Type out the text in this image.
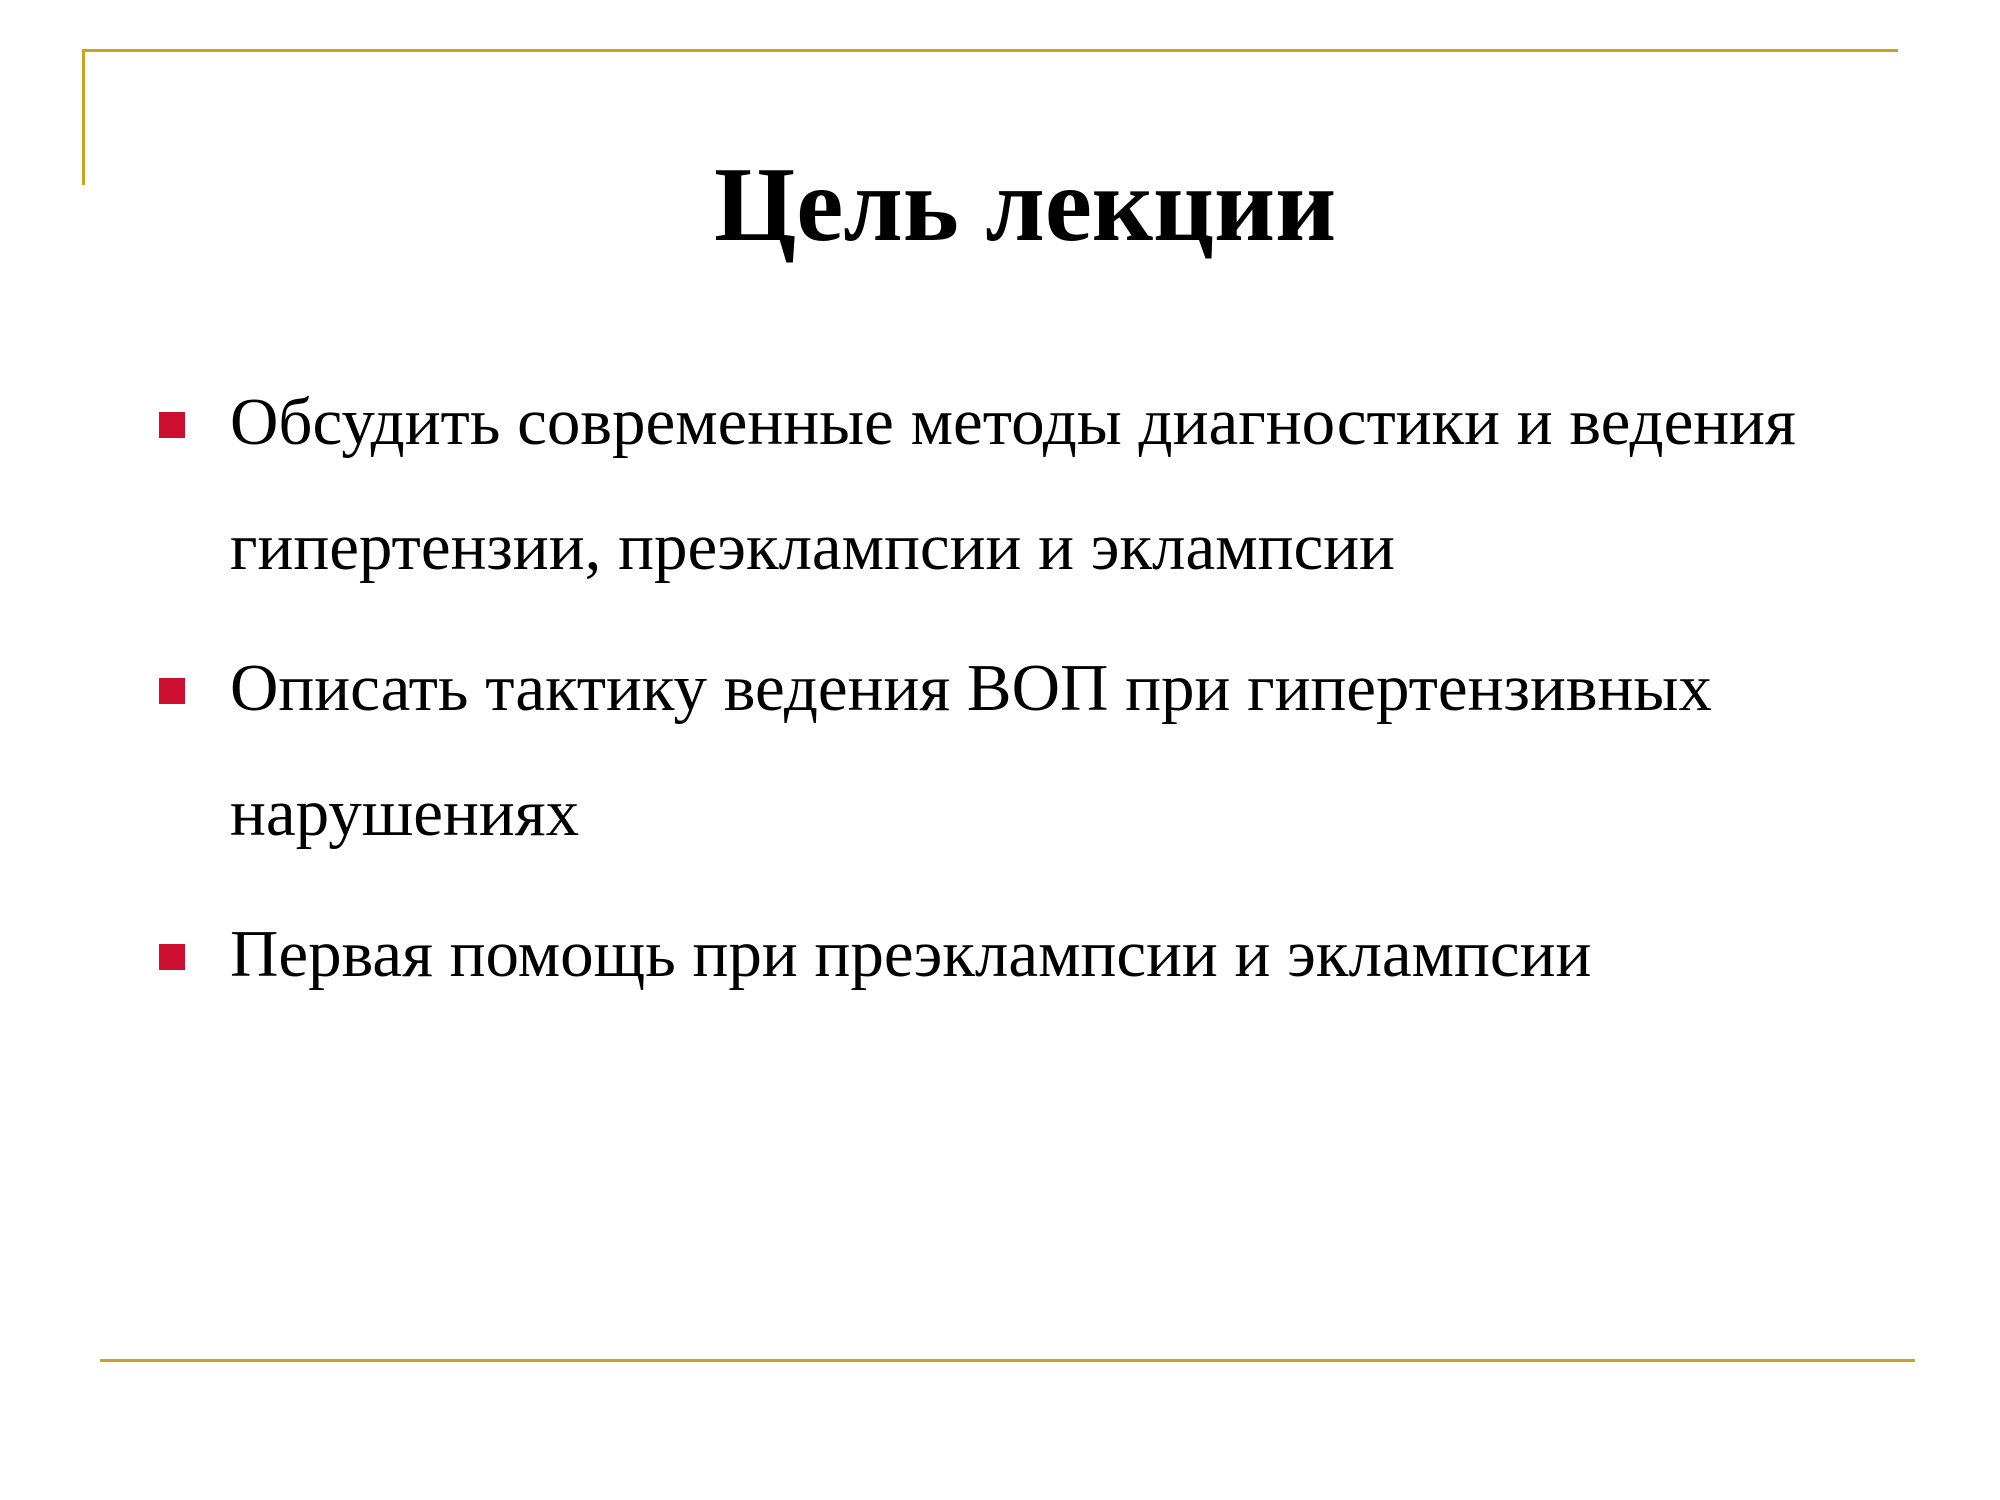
Цель лекции
Обсудить современные методы диагностики и ведения гипертензии, преэклампсии и эклампсии
Описать тактику ведения ВОП при гипертензивных нарушениях
Первая помощь при преэклампсии и эклампсии
